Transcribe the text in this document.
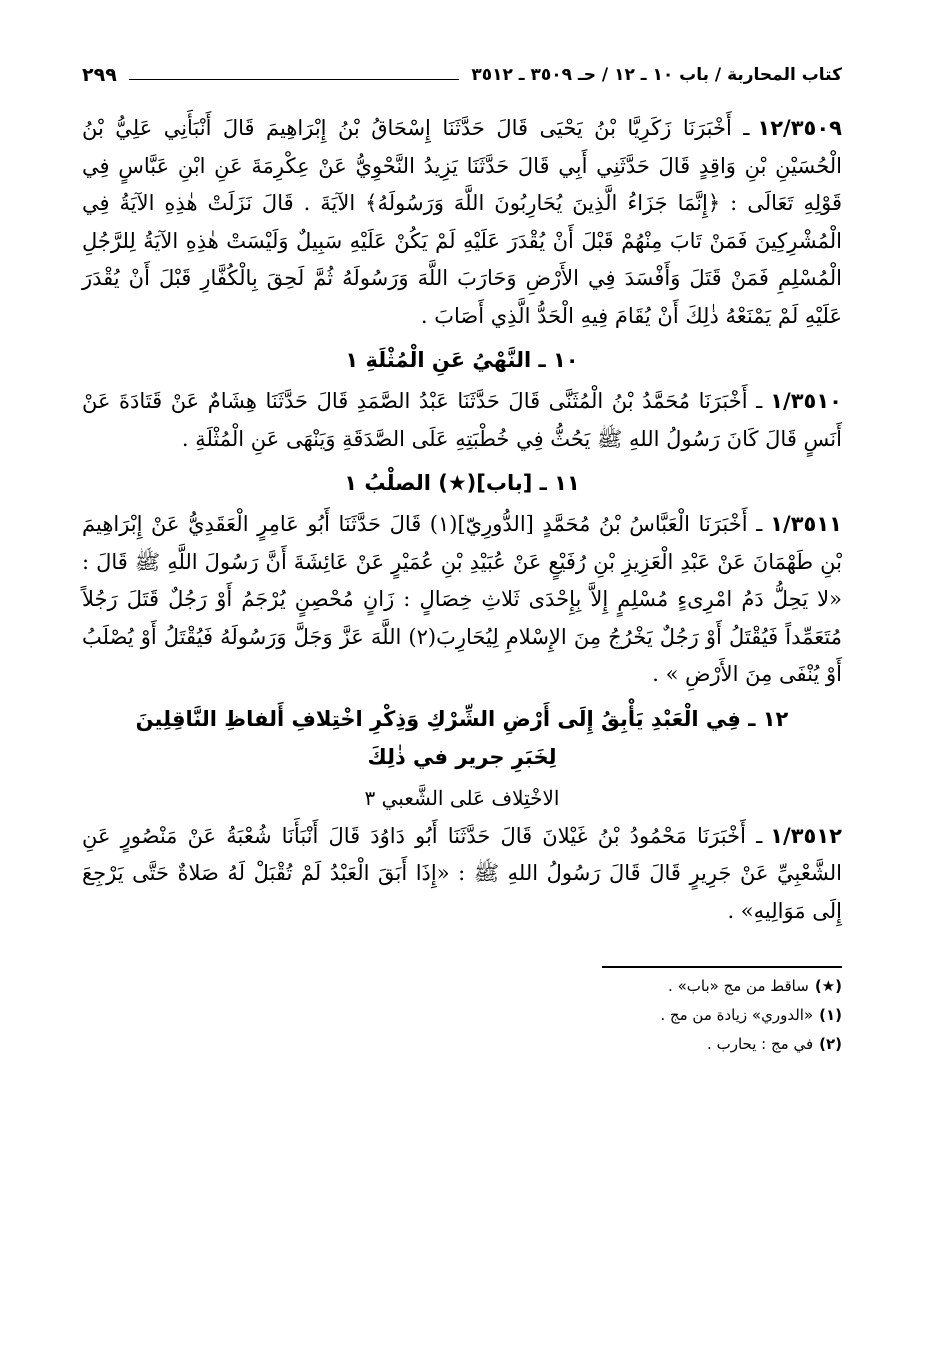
كتاب المحاربة / باب ١٠ ـ ١٢ / حـ ٣٥٠٩ ـ ٣٥١٢
٢٩٩

١٢/٣٥٠٩ـ أَخْبَرَنَا زَكَرِيَّا بْنُ يَحْيَى قَالَ حَدَّثَنَا إِسْحَاقُ بْنُ إِبْرَاهِيمَ قَالَ أَنْبَأَنِي عَلِيُّ بْنُ الْحُسَيْنِ بْنِ وَاقِدٍ قَالَ حَدَّثَنِي أَبِي قَالَ حَدَّثَنَا يَزِيدُ النَّحْوِيُّ عَنْ عِكْرِمَةَ عَنِ ابْنِ عَبَّاسٍ فِي قَوْلِهِ تَعَالَى : ﴿إِنَّمَا جَزَاءُ الَّذِينَ يُحَارِبُونَ اللَّهَ وَرَسُولَهُ﴾ الآيَةَ . قَالَ نَزَلَتْ هٰذِهِ الآيَةُ فِي الْمُشْرِكِينَ فَمَنْ تَابَ مِنْهُمْ قَبْلَ أَنْ يُقْدَرَ عَلَيْهِ لَمْ يَكُنْ عَلَيْهِ سَبِيلٌ وَلَيْسَتْ هٰذِهِ الآيَةُ لِلرَّجُلِ الْمُسْلِمِ فَمَنْ قَتَلَ وَأَفْسَدَ فِي الأَرْضِ وَحَارَبَ اللَّهَ وَرَسُولَهُ ثُمَّ لَحِقَ بِالْكُفَّارِ قَبْلَ أَنْ يُقْدَرَ عَلَيْهِ لَمْ يَمْنَعْهُ ذٰلِكَ أَنْ يُقَامَ فِيهِ الْحَدُّ الَّذِي أَصَابَ .

١٠ ـ النَّهْيُ عَنِ الْمُثْلَةِ ١

١/٣٥١٠ـ أَخْبَرَنَا مُحَمَّدُ بْنُ الْمُثَنَّى قَالَ حَدَّثَنَا عَبْدُ الصَّمَدِ قَالَ حَدَّثَنَا هِشَامٌ عَنْ قَتَادَةَ عَنْ أَنَسٍ قَالَ كَانَ رَسُولُ اللهِ ﷺ يَحُثُّ فِي خُطْبَتِهِ عَلَى الصَّدَقَةِ وَيَنْهَى عَنِ الْمُثْلَةِ .

١١ ـ [باب](★) الصلْبُ ١

١/٣٥١١ـ أَخْبَرَنَا الْعَبَّاسُ بْنُ مُحَمَّدٍ [الدُّورِيّ](١) قَالَ حَدَّثَنَا أَبُو عَامِرٍ الْعَقَدِيُّ عَنْ إِبْرَاهِيمَ بْنِ طَهْمَانَ عَنْ عَبْدِ الْعَزِيزِ بْنِ رُفَيْعٍ عَنْ عُبَيْدِ بْنِ عُمَيْرٍ عَنْ عَائِشَةَ أَنَّ رَسُولَ اللَّهِ ﷺ قَالَ : «لا يَحِلُّ دَمُ امْرِىءٍ مُسْلِمٍ إِلاَّ بِإِحْدَى ثَلاثِ خِصَالٍ : زَانٍ مُحْصِنٍ يُرْجَمُ أَوْ رَجُلٌ قَتَلَ رَجُلاً مُتَعَمِّداً فَيُقْتَلُ أَوْ رَجُلٌ يَخْرُجُ مِنَ الإِسْلامِ لِيُحَارِبَ(٢) اللَّهَ عَزَّ وَجَلَّ وَرَسُولَهُ فَيُقْتَلُ أَوْ يُصْلَبُ أَوْ يُنْفَى مِنَ الأَرْضِ » .

١٢ ـ فِي الْعَبْدِ يَأْبِقُ إِلَى أَرْضِ الشِّرْكِ وَذِكْرِ اخْتِلافِ أَلفاظِ النَّاقِلِينَ
لِخَبَرِ جرير في ذٰلِكَ
الاخْتِلاف عَلى الشَّعبي ٣

١/٣٥١٢ـ أَخْبَرَنَا مَحْمُودُ بْنُ غَيْلانَ قَالَ حَدَّثَنَا أَبُو دَاوُدَ قَالَ أَنْبَأَنَا شُعْبَةُ عَنْ مَنْصُورٍ عَنِ الشَّعْبِيِّ عَنْ جَرِيرٍ قَالَ قَالَ رَسُولُ اللهِ ﷺ : «إِذَا أَبَقَ الْعَبْدُ لَمْ تُقْبَلْ لَهُ صَلاةٌ حَتَّى يَرْجِعَ إِلَى مَوَالِيهِ» .

(★)ساقط من مج «باب» .

(١)«الدوري» زيادة من مج .

(٢)في مج : يحارب .
